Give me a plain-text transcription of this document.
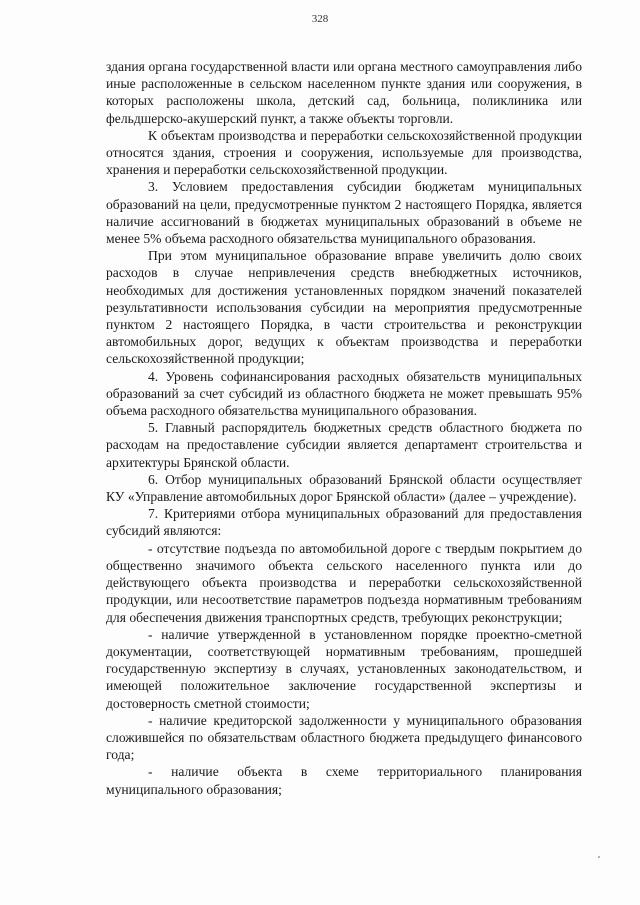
328

здания органа государственной власти или органа местного самоуправления либо иные расположенные в сельском населенном пункте здания или сооружения, в которых расположены школа, детский сад, больница, поликлиника или фельдшерско-акушерский пункт, а также объекты торговли.

К объектам производства и переработки сельскохозяйственной продукции относятся здания, строения и сооружения, используемые для производства, хранения и переработки сельскохозяйственной продукции.

3. Условием предоставления субсидии бюджетам муниципальных образований на цели, предусмотренные пунктом 2 настоящего Порядка, является наличие ассигнований в бюджетах муниципальных образований в объеме не менее 5% объема расходного обязательства муниципального образования.

При этом муниципальное образование вправе увеличить долю своих расходов в случае непривлечения средств внебюджетных источников, необходимых для достижения установленных порядком значений показателей результативности использования субсидии на мероприятия предусмотренные пунктом 2 настоящего Порядка, в части строительства и реконструкции автомобильных дорог, ведущих к объектам производства и переработки сельскохозяйственной продукции;

4. Уровень софинансирования расходных обязательств муниципальных образований за счет субсидий из областного бюджета не может превышать 95% объема расходного обязательства муниципального образования.

5. Главный распорядитель бюджетных средств областного бюджета по расходам на предоставление субсидии является департамент строительства и архитектуры Брянской области.

6. Отбор муниципальных образований Брянской области осуществляет КУ «Управление автомобильных дорог Брянской области» (далее – учреждение).

7. Критериями отбора муниципальных образований для предоставления субсидий являются:

- отсутствие подъезда по автомобильной дороге с твердым покрытием до общественно значимого объекта сельского населенного пункта или до действующего объекта производства и переработки сельскохозяйственной продукции, или несоответствие параметров подъезда нормативным требованиям для обеспечения движения транспортных средств, требующих реконструкции;

- наличие утвержденной в установленном порядке проектно-сметной документации, соответствующей нормативным требованиям, прошедшей государственную экспертизу в случаях, установленных законодательством, и имеющей положительное заключение государственной экспертизы и достоверность сметной стоимости;

- наличие кредиторской задолженности у муниципального образования сложившейся по обязательствам областного бюджета предыдущего финансового года;

- наличие объекта в схеме территориального планирования муниципального образования;
